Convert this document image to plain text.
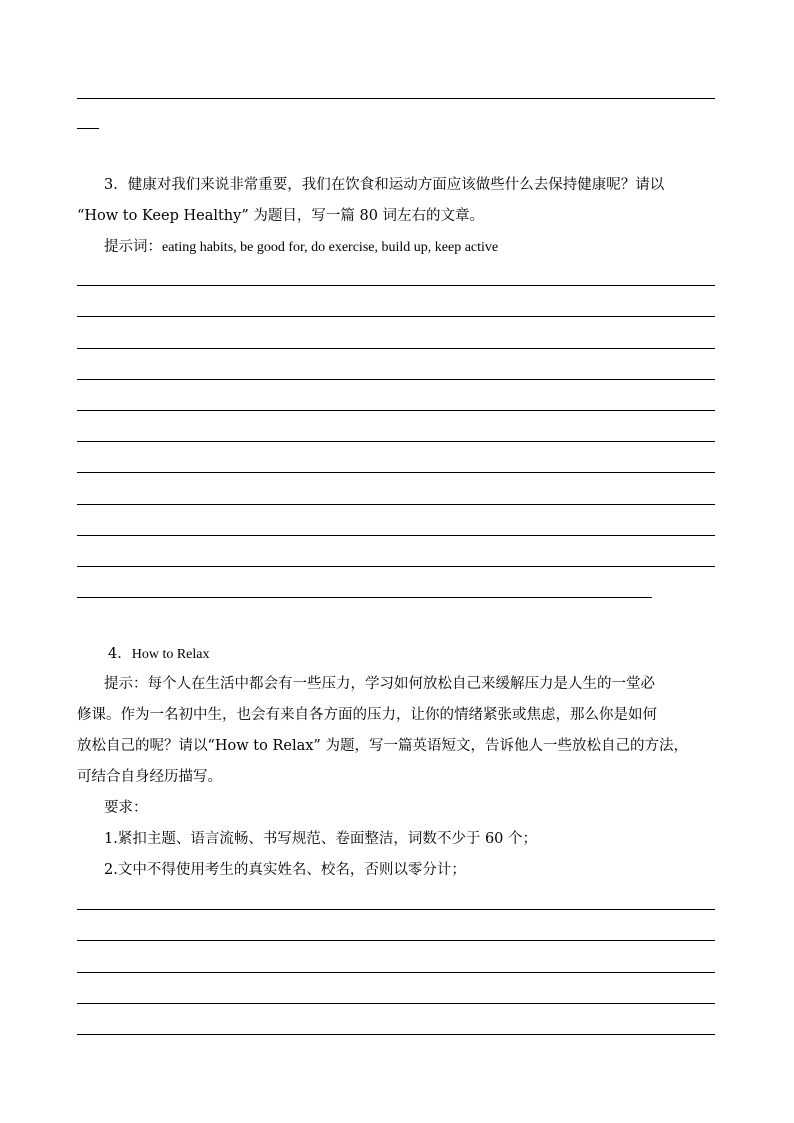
3．健康对我们来说非常重要，我们在饮食和运动方面应该做些什么去保持健康呢？请以
“How to Keep Healthy” 为题目，写一篇 80 词左右的文章。
提示词：eating habits, be good for, do exercise, build up, keep active
4．How to Relax
提示：每个人在生活中都会有一些压力，学习如何放松自己来缓解压力是人生的一堂必
修课。作为一名初中生，也会有来自各方面的压力，让你的情绪紧张或焦虑，那么你是如何
放松自己的呢？请以“How to Relax” 为题，写一篇英语短文，告诉他人一些放松自己的方法，
可结合自身经历描写。
要求：
1.紧扣主题、语言流畅、书写规范、卷面整洁，词数不少于 60 个；
2.文中不得使用考生的真实姓名、校名，否则以零分计；
